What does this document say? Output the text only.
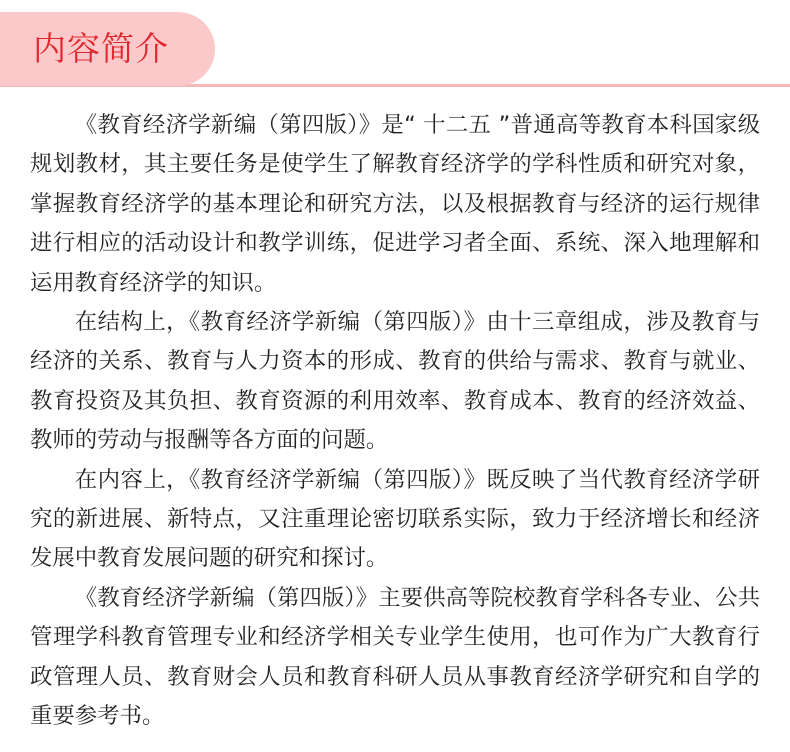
内容简介

《教育经济学新编（第四版）》是“ 十二五 ”普通高等教育本科国家级规划教材，其主要任务是使学生了解教育经济学的学科性质和研究对象，掌握教育经济学的基本理论和研究方法，以及根据教育与经济的运行规律进行相应的活动设计和教学训练，促进学习者全面、系统、深入地理解和运用教育经济学的知识。

在结构上，《教育经济学新编（第四版）》由十三章组成，涉及教育与经济的关系、教育与人力资本的形成、教育的供给与需求、教育与就业、教育投资及其负担、教育资源的利用效率、教育成本、教育的经济效益、教师的劳动与报酬等各方面的问题。

在内容上，《教育经济学新编（第四版）》既反映了当代教育经济学研究的新进展、新特点，又注重理论密切联系实际，致力于经济增长和经济发展中教育发展问题的研究和探讨。

《教育经济学新编（第四版）》主要供高等院校教育学科各专业、公共管理学科教育管理专业和经济学相关专业学生使用，也可作为广大教育行政管理人员、教育财会人员和教育科研人员从事教育经济学研究和自学的重要参考书。
